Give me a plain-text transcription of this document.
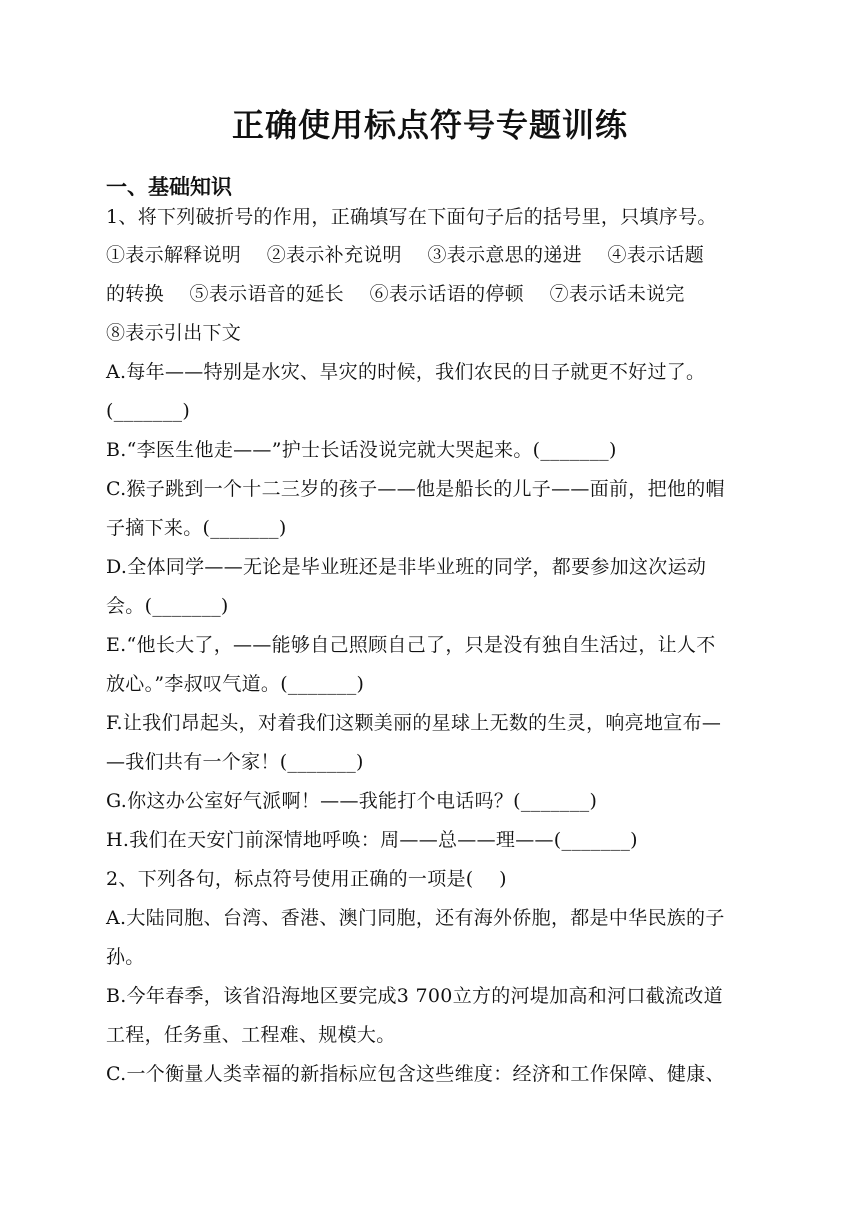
正确使用标点符号专题训练
一、基础知识
1、将下列破折号的作用，正确填写在下面句子后的括号里，只填序号。
①表示解释说明　 ②表示补充说明　 ③表示意思的递进　 ④表示话题
的转换　 ⑤表示语音的延长　 ⑥表示话语的停顿　 ⑦表示话未说完
⑧表示引出下文
A.每年——特别是水灾、旱灾的时候，我们农民的日子就更不好过了。
(_______)
B.“李医生他走——”护士长话没说完就大哭起来。(_______)
C.猴子跳到一个十二三岁的孩子——他是船长的儿子——面前，把他的帽
子摘下来。(_______)
D.全体同学——无论是毕业班还是非毕业班的同学，都要参加这次运动
会。(_______)
E.“他长大了，——能够自己照顾自己了，只是没有独自生活过，让人不
放心。”李叔叹气道。(_______)
F.让我们昂起头，对着我们这颗美丽的星球上无数的生灵，响亮地宣布—
—我们共有一个家！(_______)
G.你这办公室好气派啊！——我能打个电话吗？(_______)
H.我们在天安门前深情地呼唤：周——总——理——(_______)
2、下列各句，标点符号使用正确的一项是(　 )
A.大陆同胞、台湾、香港、澳门同胞，还有海外侨胞，都是中华民族的子
孙。
B.今年春季，该省沿海地区要完成3 700立方的河堤加高和河口截流改道
工程，任务重、工程难、规模大。
C.一个衡量人类幸福的新指标应包含这些维度：经济和工作保障、健康、
